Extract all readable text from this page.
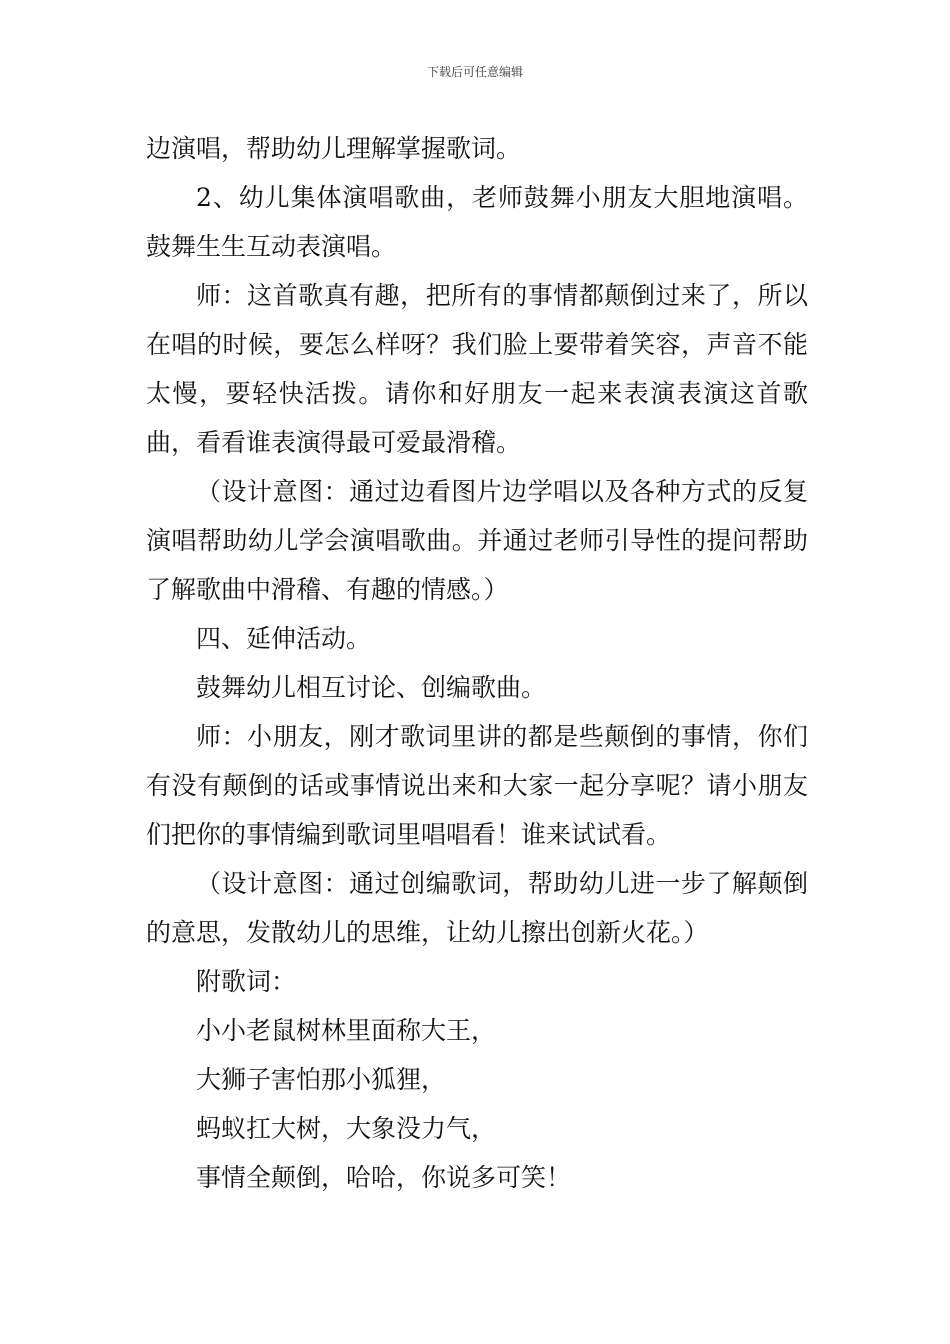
下载后可任意编辑

边演唱，帮助幼儿理解掌握歌词。

2、幼儿集体演唱歌曲，老师鼓舞小朋友大胆地演唱。鼓舞生生互动表演唱。

师：这首歌真有趣，把所有的事情都颠倒过来了，所以在唱的时候，要怎么样呀？我们脸上要带着笑容，声音不能太慢，要轻快活拨。请你和好朋友一起来表演表演这首歌曲，看看谁表演得最可爱最滑稽。

（设计意图：通过边看图片边学唱以及各种方式的反复演唱帮助幼儿学会演唱歌曲。并通过老师引导性的提问帮助了解歌曲中滑稽、有趣的情感。）

四、延伸活动。

鼓舞幼儿相互讨论、创编歌曲。

师：小朋友，刚才歌词里讲的都是些颠倒的事情，你们有没有颠倒的话或事情说出来和大家一起分享呢？请小朋友们把你的事情编到歌词里唱唱看！谁来试试看。

（设计意图：通过创编歌词，帮助幼儿进一步了解颠倒的意思，发散幼儿的思维，让幼儿擦出创新火花。）

附歌词：

小小老鼠树林里面称大王，

大狮子害怕那小狐狸，

蚂蚁扛大树，大象没力气，

事情全颠倒，哈哈，你说多可笑！
